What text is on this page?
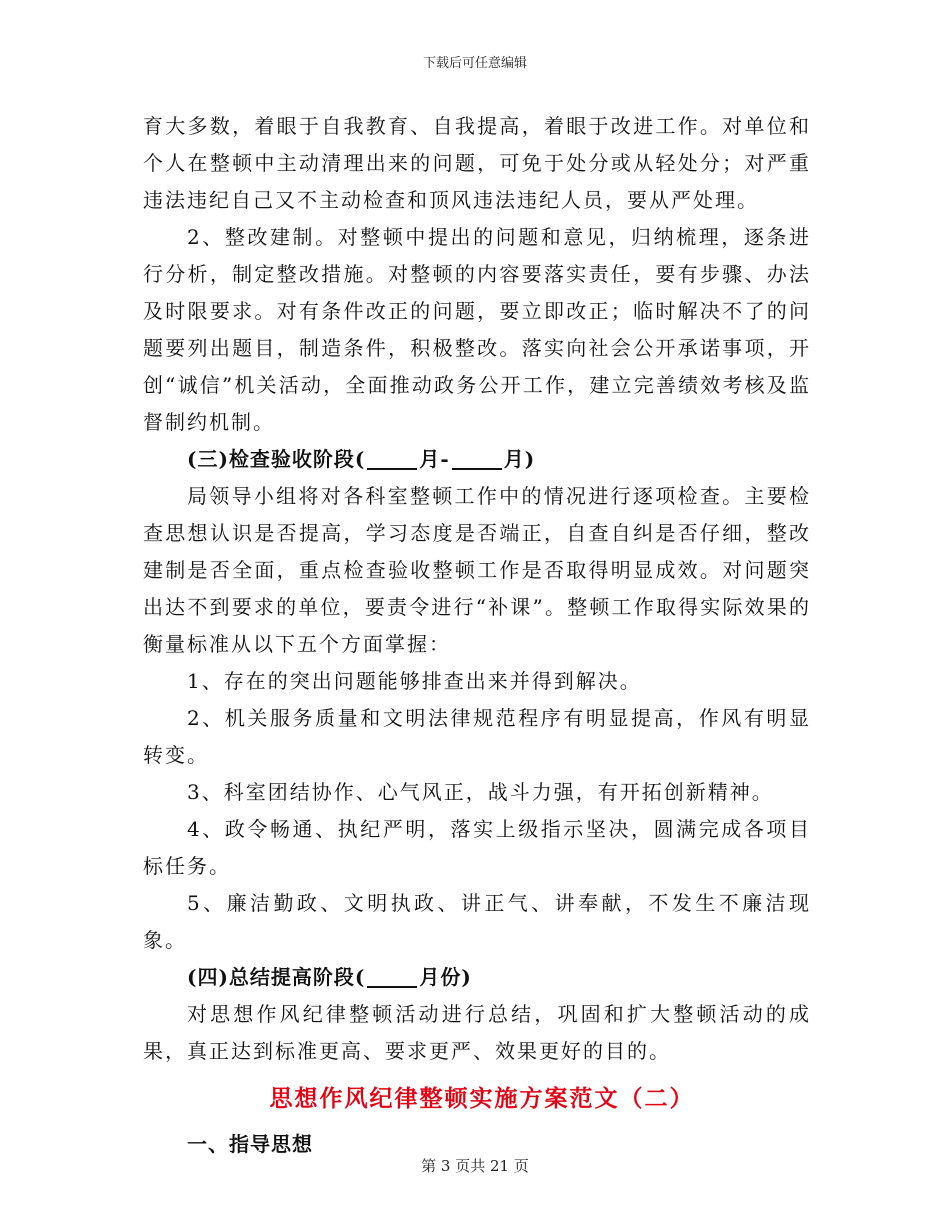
下载后可任意编辑

育大多数，着眼于自我教育、自我提高，着眼于改进工作。对单位和个人在整顿中主动清理出来的问题，可免于处分或从轻处分；对严重违法违纪自己又不主动检查和顶风违法违纪人员，要从严处理。

2、整改建制。对整顿中提出的问题和意见，归纳梳理，逐条进行分析，制定整改措施。对整顿的内容要落实责任，要有步骤、办法及时限要求。对有条件改正的问题，要立即改正；临时解决不了的问题要列出题目，制造条件，积极整改。落实向社会公开承诺事项，开创“诚信”机关活动，全面推动政务公开工作，建立完善绩效考核及监督制约机制。

(三)检查验收阶段(	月-	月)

局领导小组将对各科室整顿工作中的情况进行逐项检查。主要检查思想认识是否提高，学习态度是否端正，自查自纠是否仔细，整改建制是否全面，重点检查验收整顿工作是否取得明显成效。对问题突出达不到要求的单位，要责令进行“补课”。整顿工作取得实际效果的衡量标准从以下五个方面掌握：

1、存在的突出问题能够排查出来并得到解决。

2、机关服务质量和文明法律规范程序有明显提高，作风有明显转变。

3、科室团结协作、心气风正，战斗力强，有开拓创新精神。

4、政令畅通、执纪严明，落实上级指示坚决，圆满完成各项目标任务。

5、廉洁勤政、文明执政、讲正气、讲奉献，不发生不廉洁现象。

(四)总结提高阶段(	月份)

对思想作风纪律整顿活动进行总结，巩固和扩大整顿活动的成果，真正达到标准更高、要求更严、效果更好的目的。

思想作风纪律整顿实施方案范文（二）

一、指导思想

第 3 页共 21 页
